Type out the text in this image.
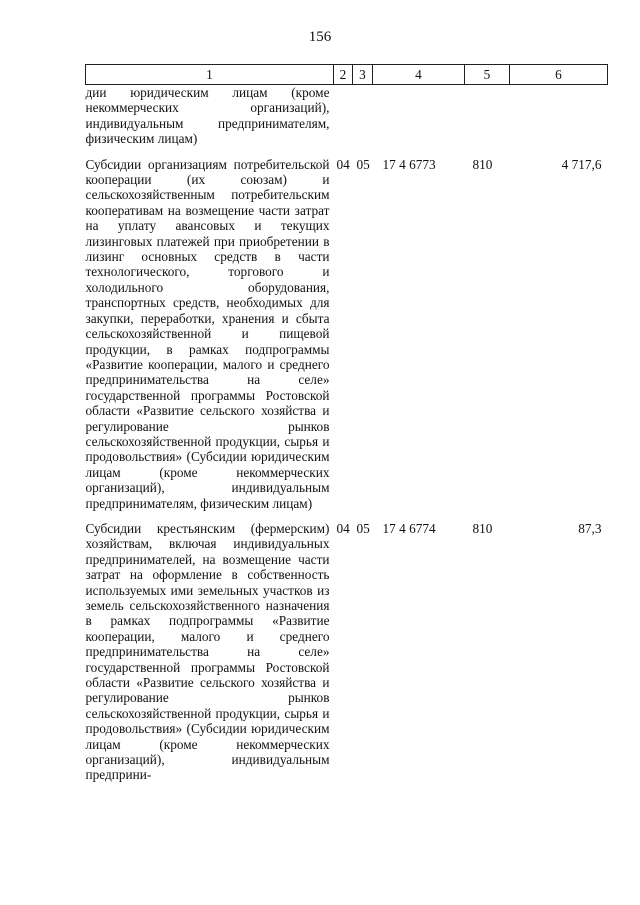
156
1	2	3	4	5	6
дии юридическим лицам (кроме некоммерческих организаций), индивидуальным предпринимателям, физическим лицам)					
Субсидии организациям потребительской кооперации (их союзам) и сельскохозяйственным потребительским кооперативам на возмещение части затрат на уплату авансовых и текущих лизинговых платежей при приобретении в лизинг основных средств в части технологического, торгового и холодильного оборудования, транспортных средств, необходимых для закупки, переработки, хранения и сбыта сельскохозяйственной и пищевой продукции, в рамках подпрограммы «Развитие кооперации, малого и среднего предпринимательства на селе» государственной программы Ростовской области «Развитие сельского хозяйства и регулирование рынков сельскохозяйственной продукции, сырья и продовольствия» (Субсидии юридическим лицам (кроме некоммерческих организаций), индивидуальным предпринимателям, физическим лицам)	04	05	17 4 6773	810	4 717,6
Субсидии крестьянским (фермерским) хозяйствам, включая индивидуальных предпринимателей, на возмещение части затрат на оформление в собственность используемых ими земельных участков из земель сельскохозяйственного назначения в рамках подпрограммы «Развитие кооперации, малого и среднего предпринимательства на селе» государственной программы Ростовской области «Развитие сельского хозяйства и регулирование рынков сельскохозяйственной продукции, сырья и продовольствия» (Субсидии юридическим лицам (кроме некоммерческих организаций), индивидуальным предприни-	04	05	17 4 6774	810	87,3
